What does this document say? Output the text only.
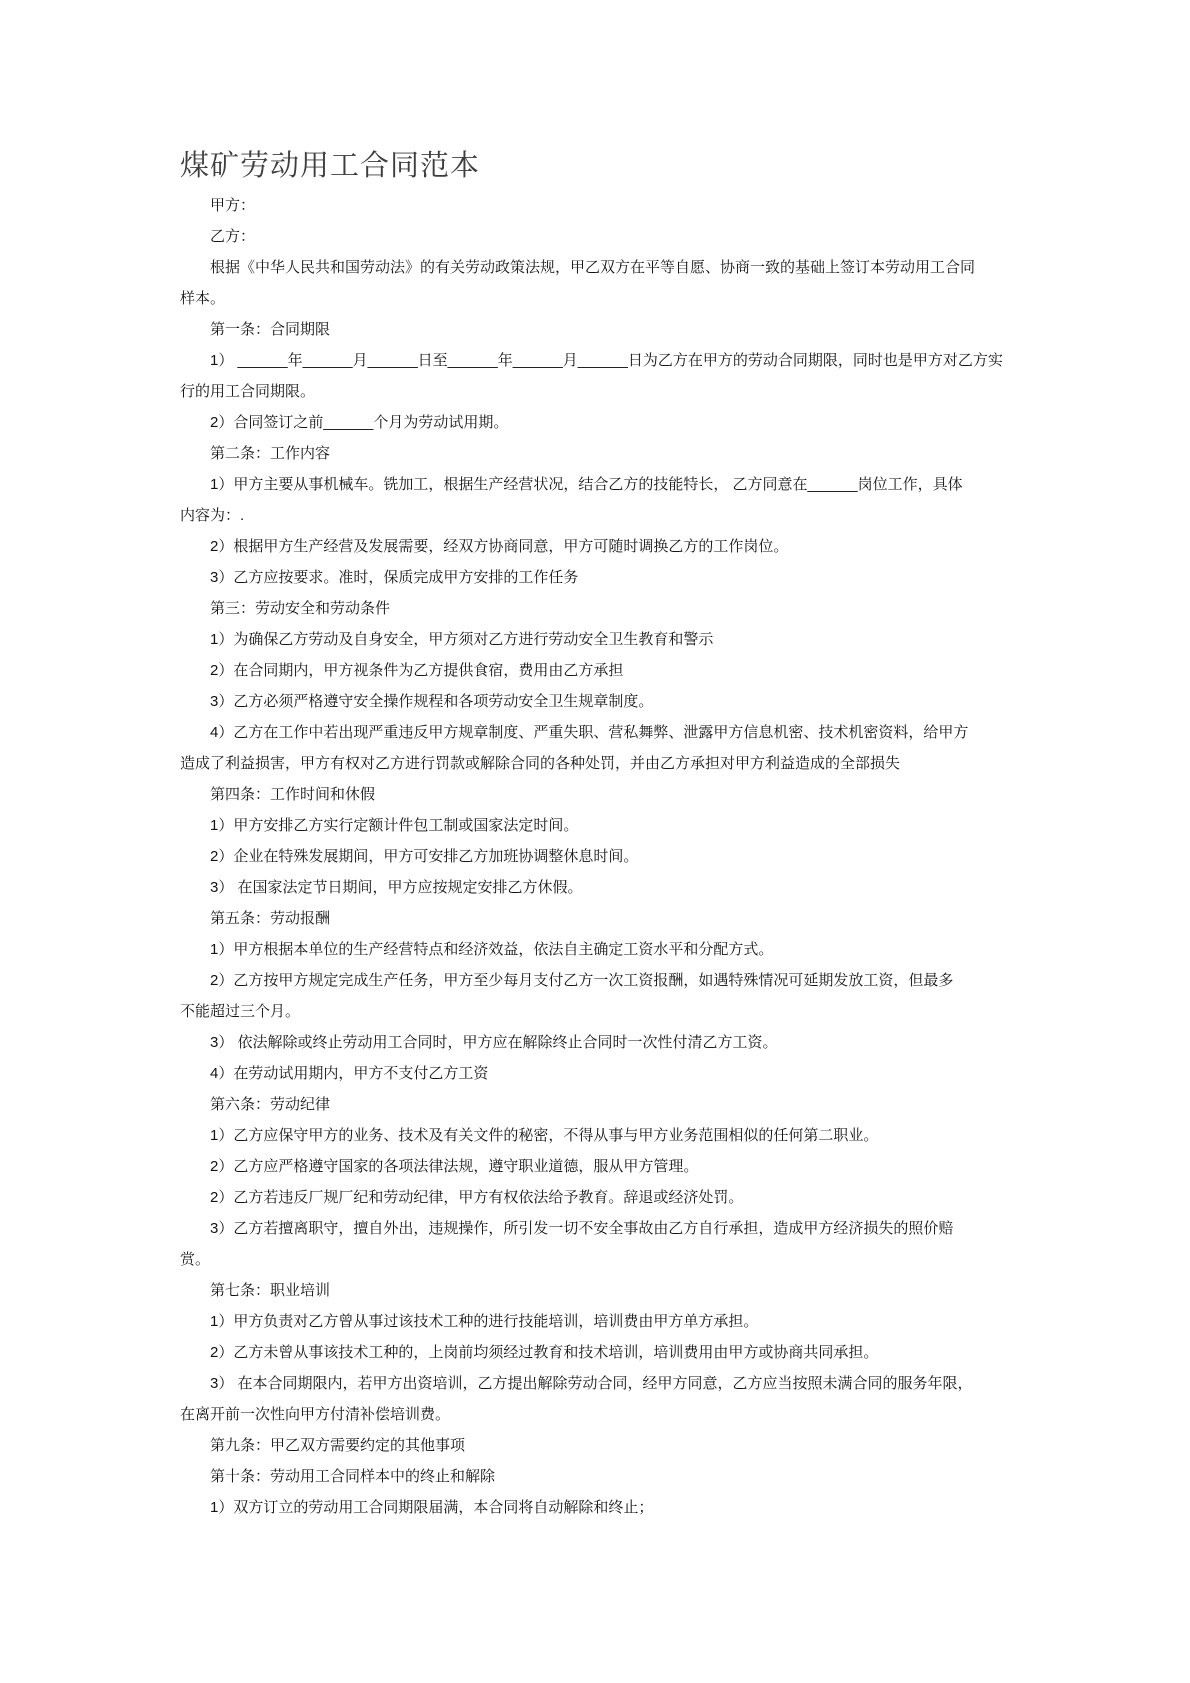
煤矿劳动用工合同范本
甲方：
乙方：
根据《中华人民共和国劳动法》的有关劳动政策法规，甲乙双方在平等自愿、协商一致的基础上签订本劳动用工合同
样本。
第一条：合同期限
1） ______年______月______日至______年______月______日为乙方在甲方的劳动合同期限，同时也是甲方对乙方实
行的用工合同期限。
2）合同签订之前______个月为劳动试用期。
第二条：工作内容
1）甲方主要从事机械车。铣加工，根据生产经营状况，结合乙方的技能特长， 乙方同意在______岗位工作，具体
内容为：.
2）根据甲方生产经营及发展需要，经双方协商同意，甲方可随时调换乙方的工作岗位。
3）乙方应按要求。准时，保质完成甲方安排的工作任务
第三：劳动安全和劳动条件
1）为确保乙方劳动及自身安全，甲方须对乙方进行劳动安全卫生教育和警示
2）在合同期内，甲方视条件为乙方提供食宿，费用由乙方承担
3）乙方必须严格遵守安全操作规程和各项劳动安全卫生规章制度。
4）乙方在工作中若出现严重违反甲方规章制度、严重失职、营私舞弊、泄露甲方信息机密、技术机密资料，给甲方
造成了利益损害，甲方有权对乙方进行罚款或解除合同的各种处罚，并由乙方承担对甲方利益造成的全部损失
第四条：工作时间和休假
1）甲方安排乙方实行定额计件包工制或国家法定时间。
2）企业在特殊发展期间，甲方可安排乙方加班协调整休息时间。
3） 在国家法定节日期间，甲方应按规定安排乙方休假。
第五条：劳动报酬
1）甲方根据本单位的生产经营特点和经济效益，依法自主确定工资水平和分配方式。
2）乙方按甲方规定完成生产任务，甲方至少每月支付乙方一次工资报酬，如遇特殊情况可延期发放工资，但最多
不能超过三个月。
3） 依法解除或终止劳动用工合同时，甲方应在解除终止合同时一次性付清乙方工资。
4）在劳动试用期内，甲方不支付乙方工资
第六条：劳动纪律
1）乙方应保守甲方的业务、技术及有关文件的秘密，不得从事与甲方业务范围相似的任何第二职业。
2）乙方应严格遵守国家的各项法律法规，遵守职业道德，服从甲方管理。
2）乙方若违反厂规厂纪和劳动纪律，甲方有权依法给予教育。辞退或经济处罚。
3）乙方若擅离职守，擅自外出，违规操作，所引发一切不安全事故由乙方自行承担，造成甲方经济损失的照价赔
赏。
第七条：职业培训
1）甲方负责对乙方曾从事过该技术工种的进行技能培训，培训费由甲方单方承担。
2）乙方未曾从事该技术工种的，上岗前均须经过教育和技术培训，培训费用由甲方或协商共同承担。
3） 在本合同期限内，若甲方出资培训，乙方提出解除劳动合同，经甲方同意，乙方应当按照未满合同的服务年限，
在离开前一次性向甲方付清补偿培训费。
第九条：甲乙双方需要约定的其他事项
第十条：劳动用工合同样本中的终止和解除
1）双方订立的劳动用工合同期限届满，本合同将自动解除和终止；
